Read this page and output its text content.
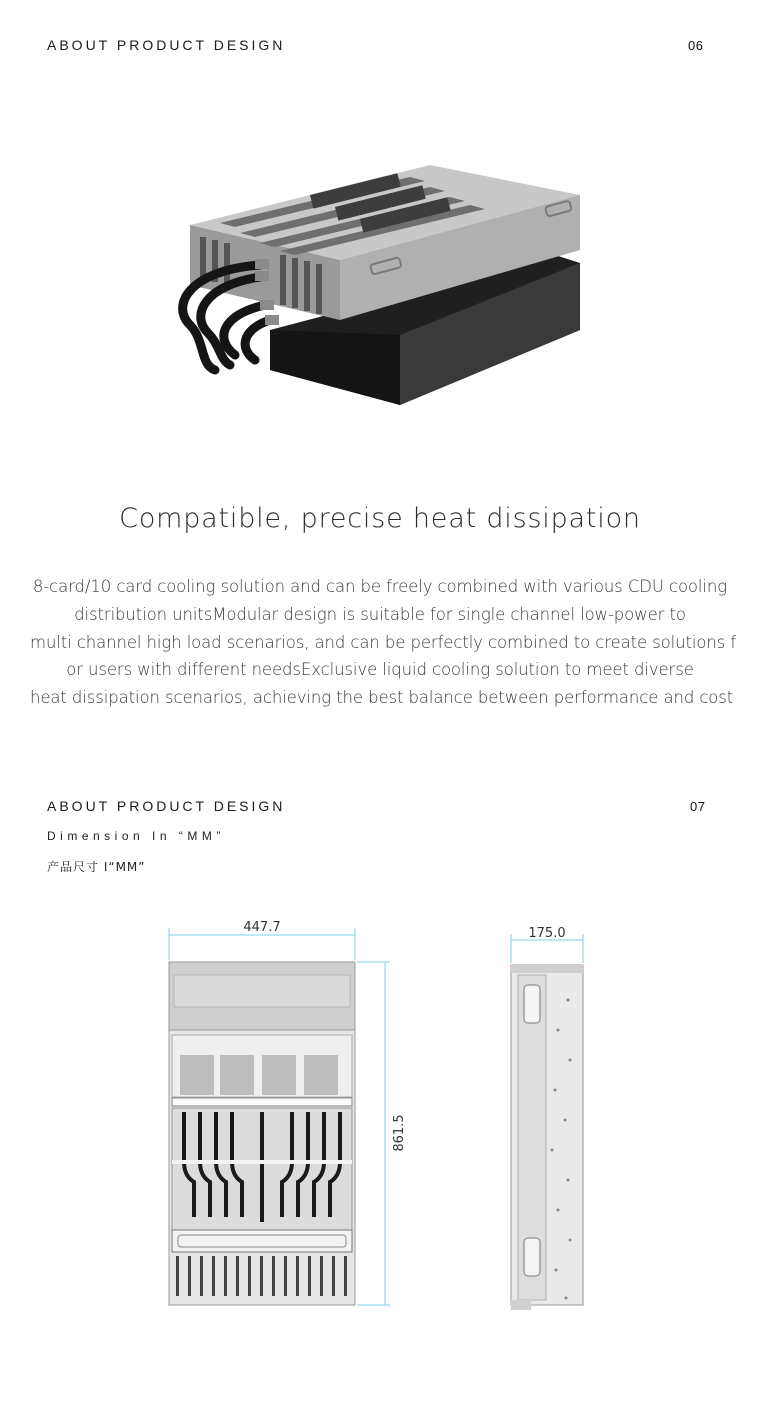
ABOUT PRODUCT DESIGN	06
Compatible, precise heat dissipation
8-card/10 card cooling solution and can be freely combined with various CDU cooling
distribution unitsModular design is suitable for single channel low-power to
multi channel high load scenarios, and can be perfectly combined to create solutions f
or users with different needsExclusive liquid cooling solution to meet diverse
heat dissipation scenarios, achieving the best balance between performance and cost
ABOUT PRODUCT DESIGN	07
Dimension In “MM”
产品尺寸 I“MM”
447.7
861.5
175.0
